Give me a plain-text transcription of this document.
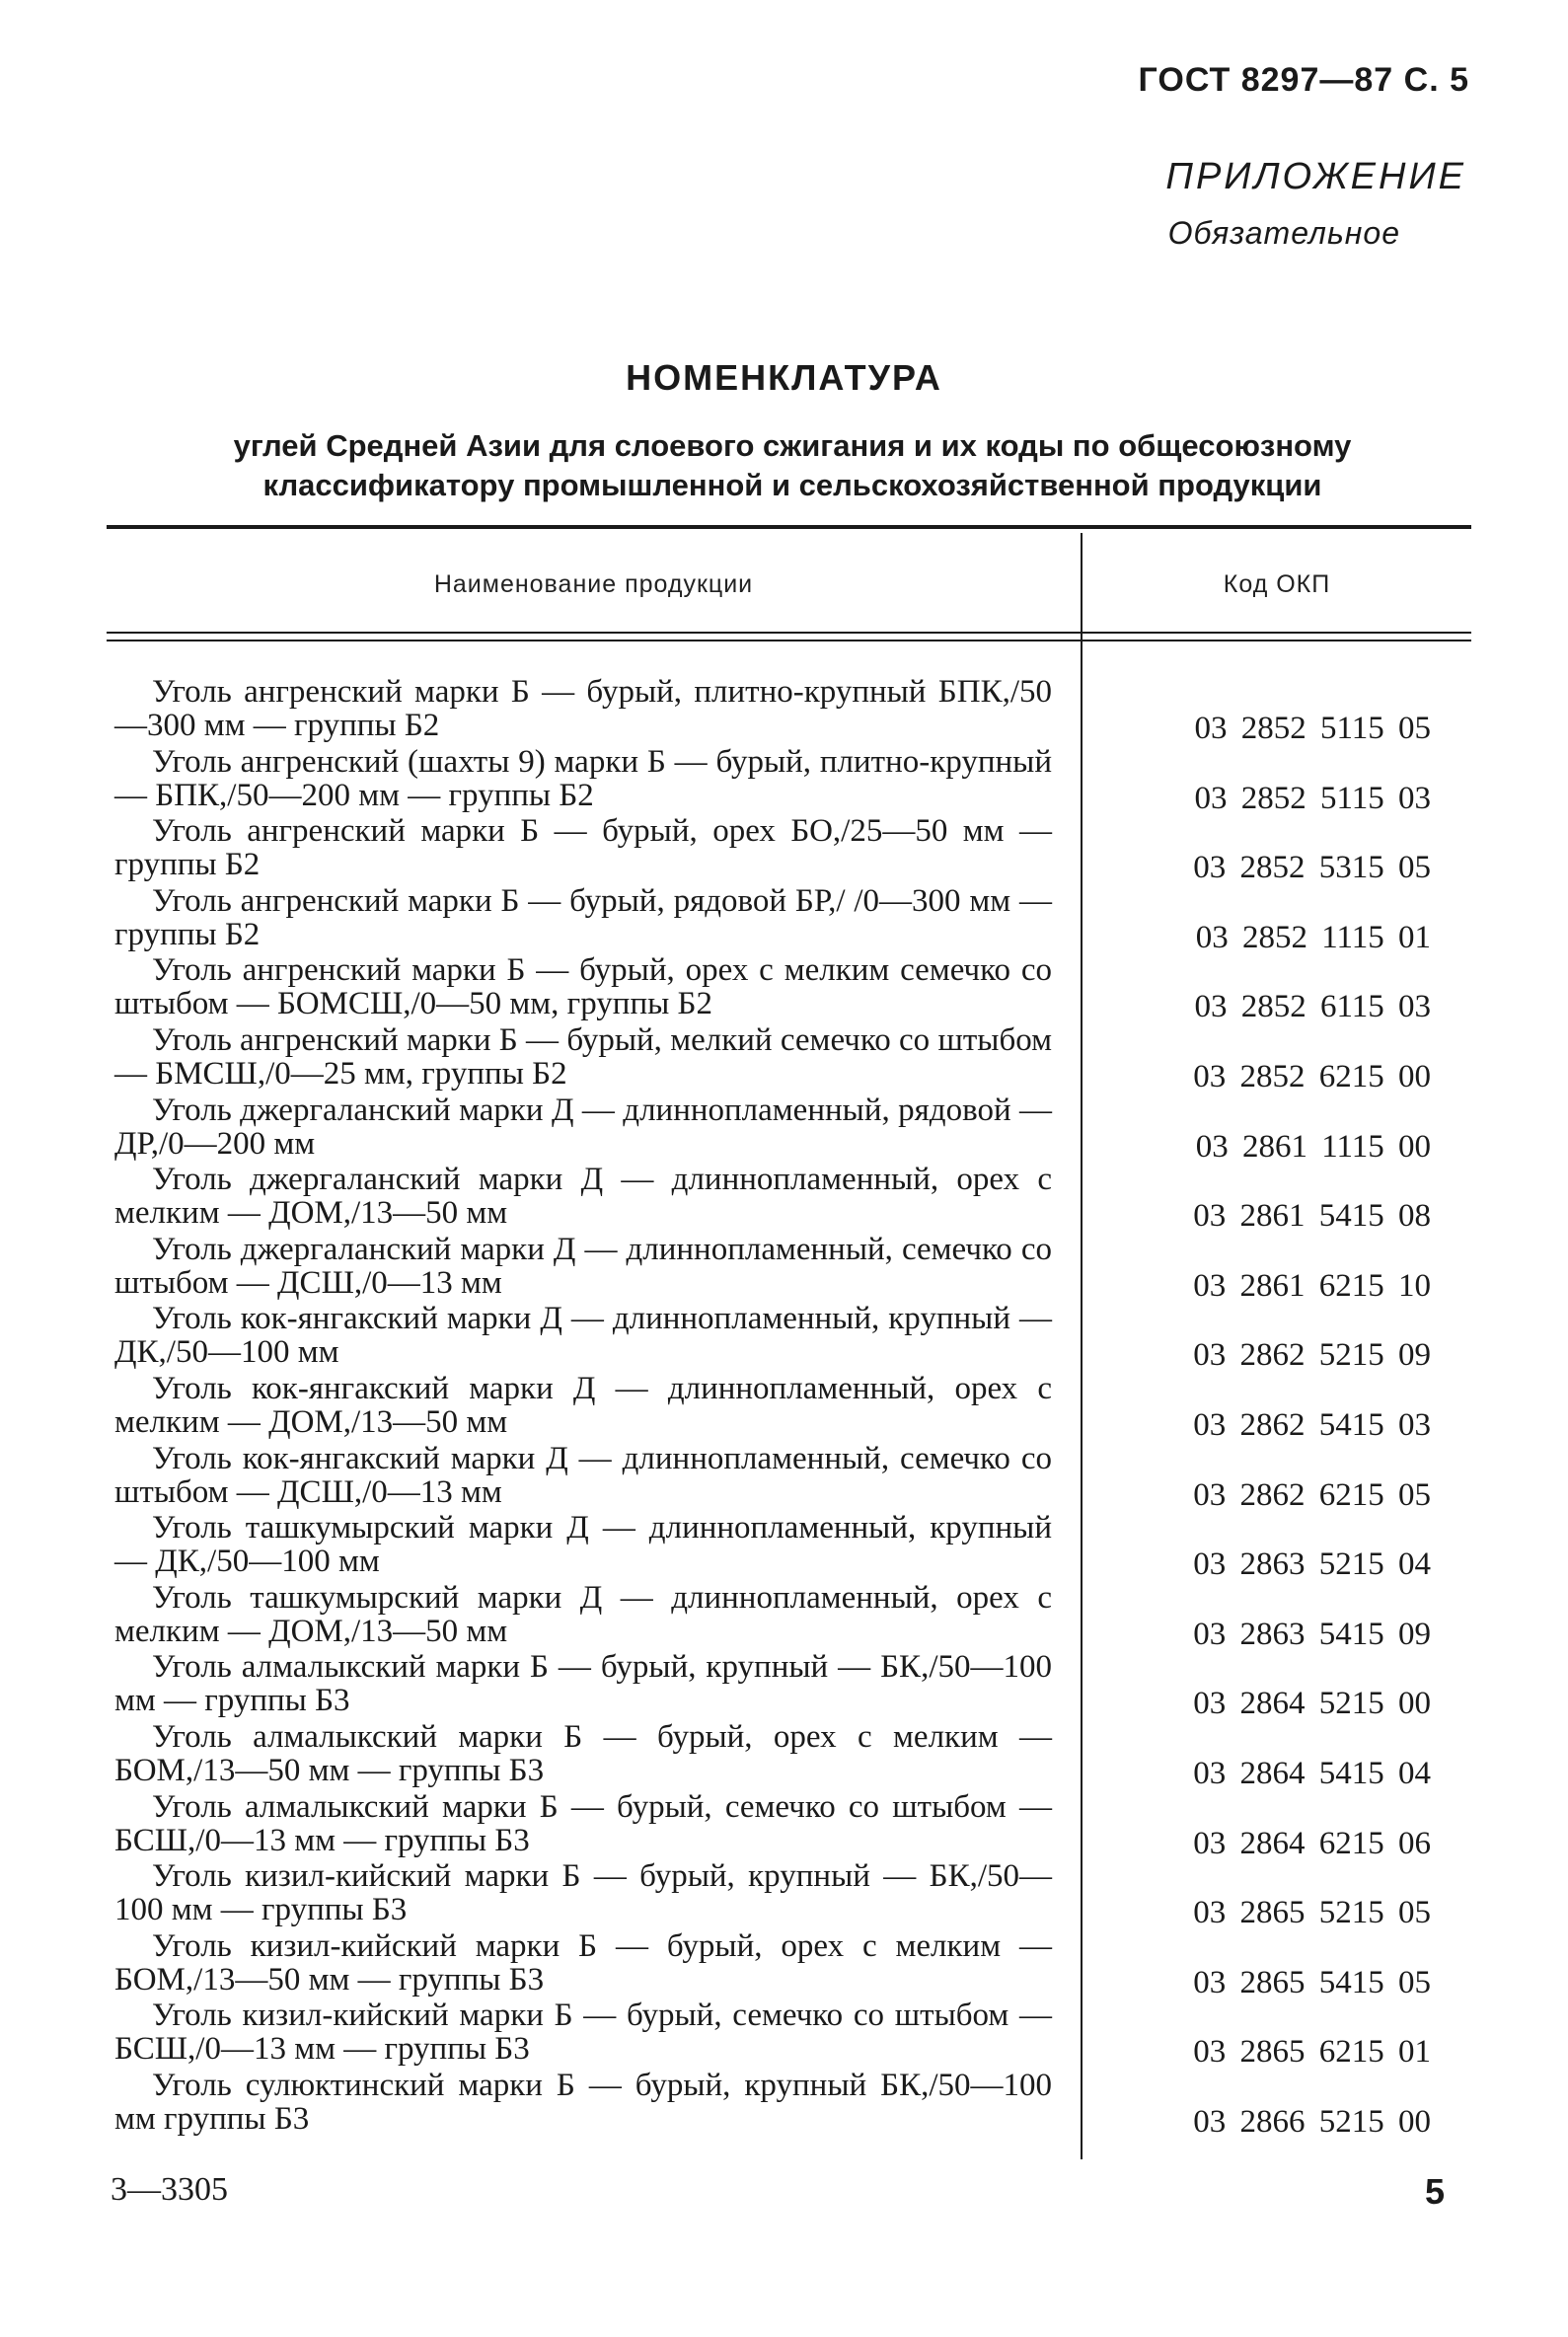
ГОСТ 8297—87 С. 5
ПРИЛОЖЕНИЕ
Обязательное
НОМЕНКЛАТУРА
углей Средней Азии для слоевого сжигания и их коды по общесоюзному
классификатору промышленной и сельскохозяйственной продукции
Наименование продукции	Код ОКП
Уголь ангренский марки Б — бурый, плитно-крупный БПК,/50—300 мм — группы Б2	03 2852 5115 05
Уголь ангренский (шахты 9) марки Б — бурый, плитно-крупный — БПК,/50—200 мм — группы Б2	03 2852 5115 03
Уголь ангренский марки Б — бурый, орех БО,/25—50 мм — группы Б2	03 2852 5315 05
Уголь ангренский марки Б — бурый, рядовой БР,/ /0—300 мм — группы Б2	03 2852 1115 01
Уголь ангренский марки Б — бурый, орех с мелким семечко со штыбом — БОМСШ,/0—50 мм, группы Б2	03 2852 6115 03
Уголь ангренский марки Б — бурый, мелкий семечко со штыбом — БМСШ,/0—25 мм, группы Б2	03 2852 6215 00
Уголь джергаланский марки Д — длиннопламенный, рядовой — ДР,/0—200 мм	03 2861 1115 00
Уголь джергаланский марки Д — длиннопламенный, орех с мелким — ДОМ,/13—50 мм	03 2861 5415 08
Уголь джергаланский марки Д — длиннопламенный, семечко со штыбом — ДСШ,/0—13 мм	03 2861 6215 10
Уголь кок-янгакский марки Д — длиннопламенный, крупный — ДК,/50—100 мм	03 2862 5215 09
Уголь кок-янгакский марки Д — длиннопламенный, орех с мелким — ДОМ,/13—50 мм	03 2862 5415 03
Уголь кок-янгакский марки Д — длиннопламенный, семечко со штыбом — ДСШ,/0—13 мм	03 2862 6215 05
Уголь ташкумырский марки Д — длиннопламенный, крупный — ДК,/50—100 мм	03 2863 5215 04
Уголь ташкумырский марки Д — длиннопламенный, орех с мелким — ДОМ,/13—50 мм	03 2863 5415 09
Уголь алмалыкский марки Б — бурый, крупный — БК,/50—100 мм — группы Б3	03 2864 5215 00
Уголь алмалыкский марки Б — бурый, орех с мелким — БОМ,/13—50 мм — группы Б3	03 2864 5415 04
Уголь алмалыкский марки Б — бурый, семечко со штыбом — БСШ,/0—13 мм — группы Б3	03 2864 6215 06
Уголь кизил-кийский марки Б — бурый, крупный — БК,/50—100 мм — группы Б3	03 2865 5215 05
Уголь кизил-кийский марки Б — бурый, орех с мелким — БОМ,/13—50 мм — группы Б3	03 2865 5415 05
Уголь кизил-кийский марки Б — бурый, семечко со штыбом — БСШ,/0—13 мм — группы Б3	03 2865 6215 01
Уголь сулюктинский марки Б — бурый, крупный БК,/50—100 мм группы Б3	03 2866 5215 00
3—3305	5
